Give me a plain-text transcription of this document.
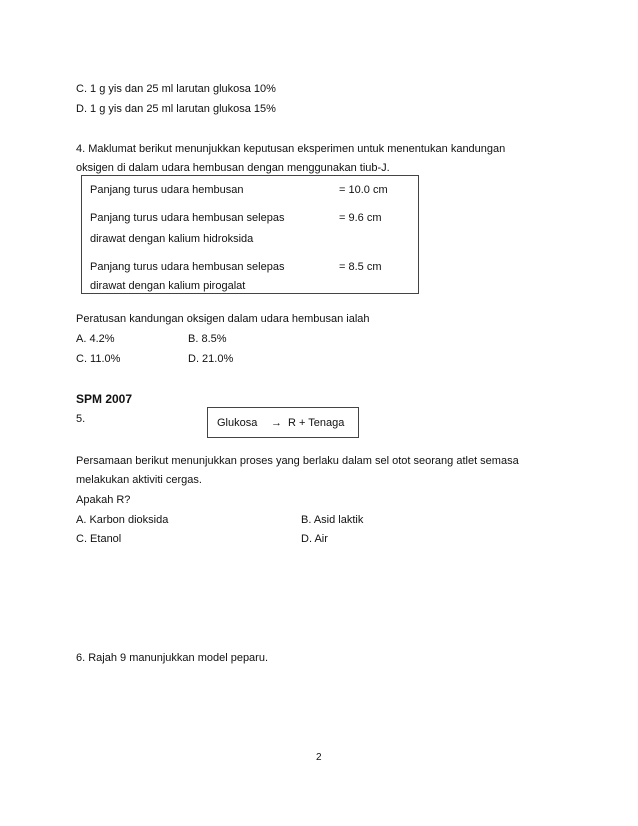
C. 1 g yis dan 25 ml larutan glukosa 10%
D. 1 g yis dan 25 ml larutan glukosa 15%
4. Maklumat berikut menunjukkan keputusan eksperimen untuk menentukan kandungan
oksigen di dalam udara hembusan dengan menggunakan tiub-J.
Panjang turus udara hembusan	= 10.0 cm
Panjang turus udara hembusan selepas	= 9.6 cm
dirawat dengan kalium hidroksida
Panjang turus udara hembusan selepas	= 8.5 cm
dirawat dengan kalium pirogalat
Peratusan kandungan oksigen dalam udara hembusan ialah
A. 4.2%	B. 8.5%
C. 11.0%	D. 21.0%
SPM 2007
5.	Glukosa → R + Tenaga
Persamaan berikut menunjukkan proses yang berlaku dalam sel otot seorang atlet semasa
melakukan aktiviti cergas.
Apakah R?
A. Karbon dioksida	B. Asid laktik
C. Etanol	D. Air
6. Rajah 9 manunjukkan model peparu.
2
